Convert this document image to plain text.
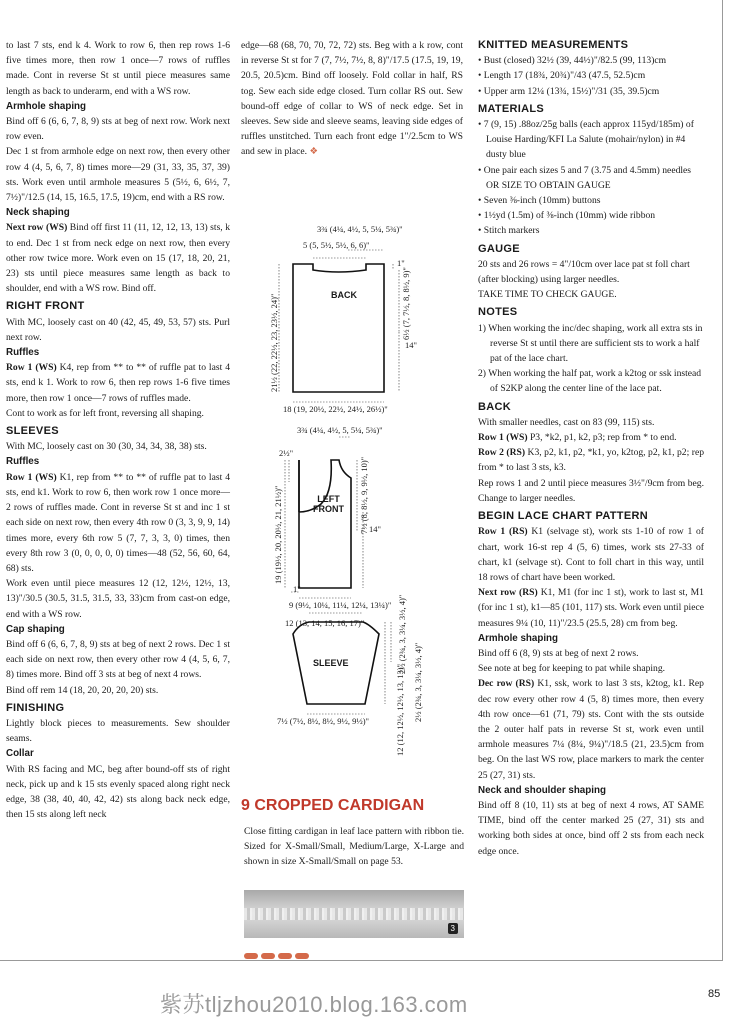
to last 7 sts, end k 4. Work to row 6, then rep rows 1-6 five times more, then row 1 once—7 rows of ruffles made. Cont in reverse St st until piece measures same length as back to underarm, end with a WS row.

Armhole shaping

Bind off 6 (6, 6, 7, 8, 9) sts at beg of next row. Work next row even.

Dec 1 st from armhole edge on next row, then every other row 4 (4, 5, 6, 7, 8) times more—29 (31, 33, 35, 37, 39) sts. Work even until armhole measures 5 (5½, 6, 6½, 7, 7½)"/12.5 (14, 15, 16.5, 17.5, 19)cm, end with a RS row.

Neck shaping

Next row (WS) Bind off first 11 (11, 12, 12, 13, 13) sts, k to end. Dec 1 st from neck edge on next row, then every other row twice more. Work even on 15 (17, 18, 20, 21, 23) sts until piece measures same length as back to shoulder, end with a WS row. Bind off.

RIGHT FRONT

With MC, loosely cast on 40 (42, 45, 49, 53, 57) sts. Purl next row.

Ruffles

Row 1 (WS) K4, rep from ** to ** of ruffle pat to last 4 sts, end k 1. Work to row 6, then rep rows 1-6 five times more, then row 1 once—7 rows of ruffles made.

Cont to work as for left front, reversing all shaping.

SLEEVES

With MC, loosely cast on 30 (30, 34, 34, 38, 38) sts.

Ruffles

Row 1 (WS) K1, rep from ** to ** of ruffle pat to last 4 sts, end k1. Work to row 6, then work row 1 once more—2 rows of ruffles made. Cont in reverse St st and inc 1 st each side on next row, then every 4th row 0 (3, 3, 9, 9, 14) times more, every 6th row 5 (7, 7, 3, 3, 0) times, then every 8th row 3 (0, 0, 0, 0, 0) times—48 (52, 56, 60, 64, 68) sts.

Work even until piece measures 12 (12, 12½, 12½, 13, 13)"/30.5 (30.5, 31.5, 31.5, 33, 33)cm from cast-on edge, end with a WS row.

Cap shaping

Bind off 6 (6, 6, 7, 8, 9) sts at beg of next 2 rows. Dec 1 st each side on next row, then every other row 4 (4, 5, 6, 7, 8) times more. Bind off 3 sts at beg of next 4 rows.

Bind off rem 14 (18, 20, 20, 20, 20) sts.

FINISHING

Lightly block pieces to measurements. Sew shoulder seams.

Collar

With RS facing and MC, beg after bound-off sts of right neck, pick up and k 15 sts evenly spaced along right neck edge, 38 (38, 40, 40, 42, 42) sts along back neck edge, then 15 sts along left neck

edge—68 (68, 70, 70, 72, 72) sts. Beg with a k row, cont in reverse St st for 7 (7, 7½, 7½, 8, 8)"/17.5 (17.5, 19, 19, 20.5, 20.5)cm. Bind off loosely. Fold collar in half, RS tog. Sew each side edge closed. Turn collar RS out. Sew bound-off edge of collar to WS of neck edge. Set in sleeves. Sew side and sleeve seams, leaving side edges of ruffles unstitched. Turn each front edge 1"/2.5cm to WS and sew in place. ❖

3¾ (4¼, 4½, 5, 5¼, 5¾)"
5 (5, 5½, 5½, 6, 6)"
1"
BACK	6½ (7, 7½, 8, 8½, 9)"
14"
21½ (22, 22½, 23, 23½, 24)"
18 (19, 20½, 22½, 24½, 26½)"
3¾ (4¼, 4½, 5, 5¼, 5¾)"
2½"
LEFT
FRONT 7½ (8, 8½, 9, 9½, 10)" 14"
19 (19½, 20, 20½, 21, 21½)"
1"
9 (9½, 10¼, 11¼, 12¼, 13¼)"
12 (13, 14, 15, 16, 17)"
SLEEVE	2½ (2¾, 3, 3¼, 3½, 4)"
2½ (2¾, 3, 3¼, 3½, 4)"
12 (12, 12½, 12½, 13, 13)"
7½ (7½, 8½, 8½, 9½, 9½)"
9 CROPPED CARDIGAN
Close fitting cardigan in leaf lace pattern with ribbon tie. Sized for X-Small/Small, Medium/Large, X-Large and shown in size X-Small/Small on page 53.
3

KNITTED MEASUREMENTS

• Bust (closed) 32½ (39, 44½)"/82.5 (99, 113)cm
• Length 17 (18¾, 20¾)"/43 (47.5, 52.5)cm
• Upper arm 12¼ (13¾, 15½)"/31 (35, 39.5)cm

MATERIALS

• 7 (9, 15) .88oz/25g balls (each approx 115yd/185m) of Louise Harding/KFI La Salute (mohair/nylon) in #4 dusty blue
• One pair each sizes 5 and 7 (3.75 and 4.5mm) needles OR SIZE TO OBTAIN GAUGE
• Seven ⅜-inch (10mm) buttons
• 1½yd (1.5m) of ⅜-inch (10mm) wide ribbon
• Stitch markers

GAUGE

20 sts and 26 rows = 4"/10cm over lace pat st foll chart (after blocking) using larger needles.

TAKE TIME TO CHECK GAUGE.

NOTES

1) When working the inc/dec shaping, work all extra sts in reverse St st until there are sufficient sts to work a half pat of the lace chart.
2) When working the half pat, work a k2tog or ssk instead of S2KP along the center line of the lace pat.

BACK

With smaller needles, cast on 83 (99, 115) sts.

Row 1 (WS) P3, *k2, p1, k2, p3; rep from * to end.

Row 2 (RS) K3, p2, k1, p2, *k1, yo, k2tog, p2, k1, p2; rep from * to last 3 sts, k3.

Rep rows 1 and 2 until piece measures 3½"/9cm from beg. Change to larger needles.

BEGIN LACE CHART PATTERN

Row 1 (RS) K1 (selvage st), work sts 1-10 of row 1 of chart, work 16-st rep 4 (5, 6) times, work sts 27-33 of chart, k1 (selvage st). Cont to foll chart in this way, until 18 rows of chart have been worked.

Next row (RS) K1, M1 (for inc 1 st), work to last st, M1 (for inc 1 st), k1—85 (101, 117) sts. Work even until piece measures 9¼ (10, 11)"/23.5 (25.5, 28) cm from beg.

Armhole shaping

Bind off 6 (8, 9) sts at beg of next 2 rows.

See note at beg for keeping to pat while shaping.

Dec row (RS) K1, ssk, work to last 3 sts, k2tog, k1. Rep dec row every other row 4 (5, 8) times more, then every 4th row once—61 (71, 79) sts. Cont with the sts outside the 2 outer half pats in reverse St st, work even until armhole measures 7¼ (8¼, 9¼)"/18.5 (21, 23.5)cm from beg. On the last WS row, place markers to mark the center 25 (27, 31) sts.

Neck and shoulder shaping

Bind off 8 (10, 11) sts at beg of next 4 rows, AT SAME TIME, bind off the center marked 25 (27, 31) sts and working both sides at once, bind off 2 sts from each neck edge once.

紫苏tljzhou2010.blog.163.com	85
